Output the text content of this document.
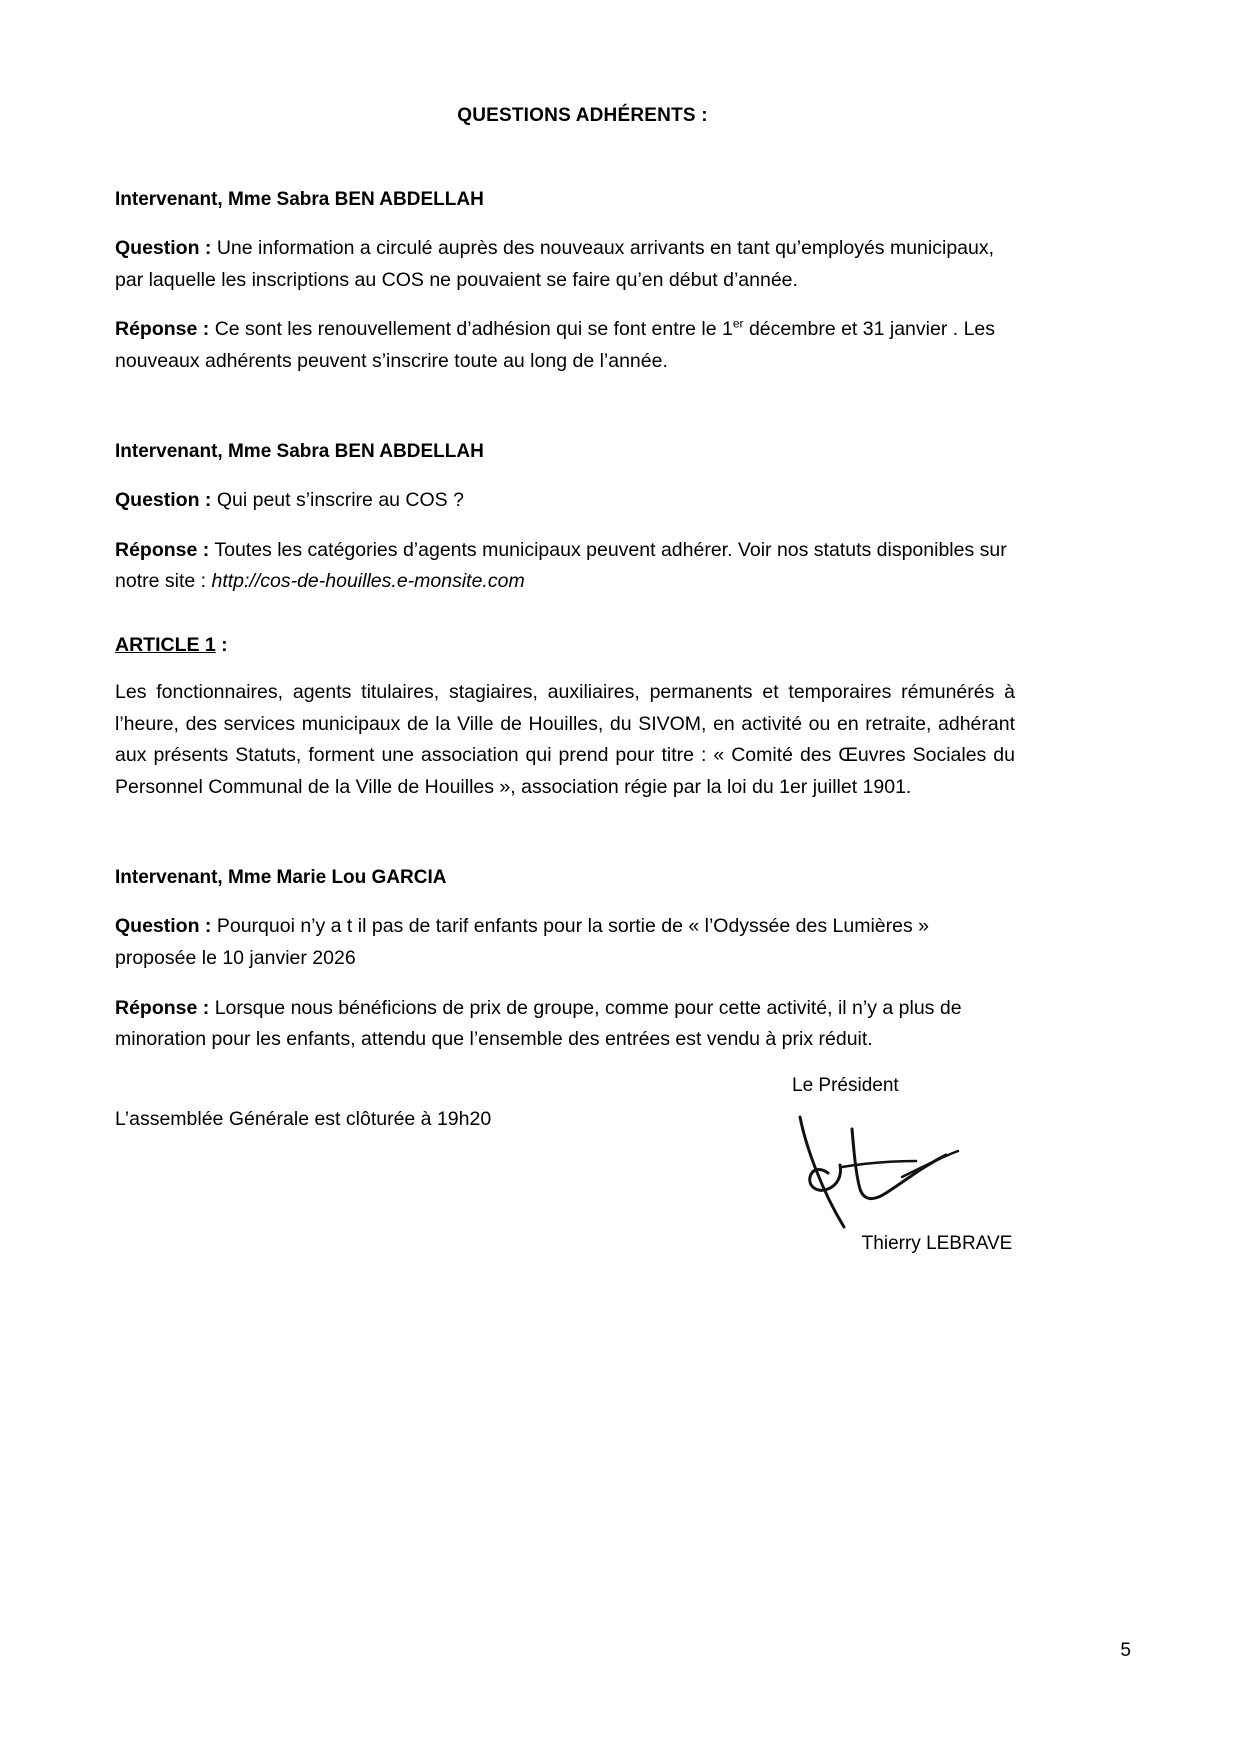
QUESTIONS ADHÉRENTS :
Intervenant, Mme Sabra BEN ABDELLAH

Question : Une information a circulé auprès des nouveaux arrivants en tant qu’employés municipaux, par laquelle les inscriptions au COS ne pouvaient se faire qu’en début d’année.

Réponse : Ce sont les renouvellement d’adhésion qui se font entre le 1er décembre et 31 janvier . Les nouveaux adhérents peuvent s’inscrire toute au long de l’année.

Intervenant, Mme Sabra BEN ABDELLAH

Question : Qui peut s’inscrire au COS ?

Réponse : Toutes les catégories d’agents municipaux peuvent adhérer. Voir nos statuts disponibles sur notre site : http://cos-de-houilles.e-monsite.com

ARTICLE 1 :

Les fonctionnaires, agents titulaires, stagiaires, auxiliaires, permanents et temporaires rémunérés à l’heure, des services municipaux de la Ville de Houilles, du SIVOM, en activité ou en retraite, adhérant aux présents Statuts, forment une association qui prend pour titre : « Comité des Œuvres Sociales du Personnel Communal de la Ville de Houilles », association régie par la loi du 1er juillet 1901.

Intervenant, Mme Marie Lou GARCIA

Question : Pourquoi n’y a t il pas de tarif enfants pour la sortie de « l’Odyssée des Lumières » proposée le 10 janvier 2026

Réponse : Lorsque nous bénéficions de prix de groupe, comme pour cette activité, il n’y a plus de minoration pour les enfants, attendu que l’ensemble des entrées est vendu à prix réduit.

L’assemblée Générale est clôturée à 19h20

Le Président
Thierry LEBRAVE
5
